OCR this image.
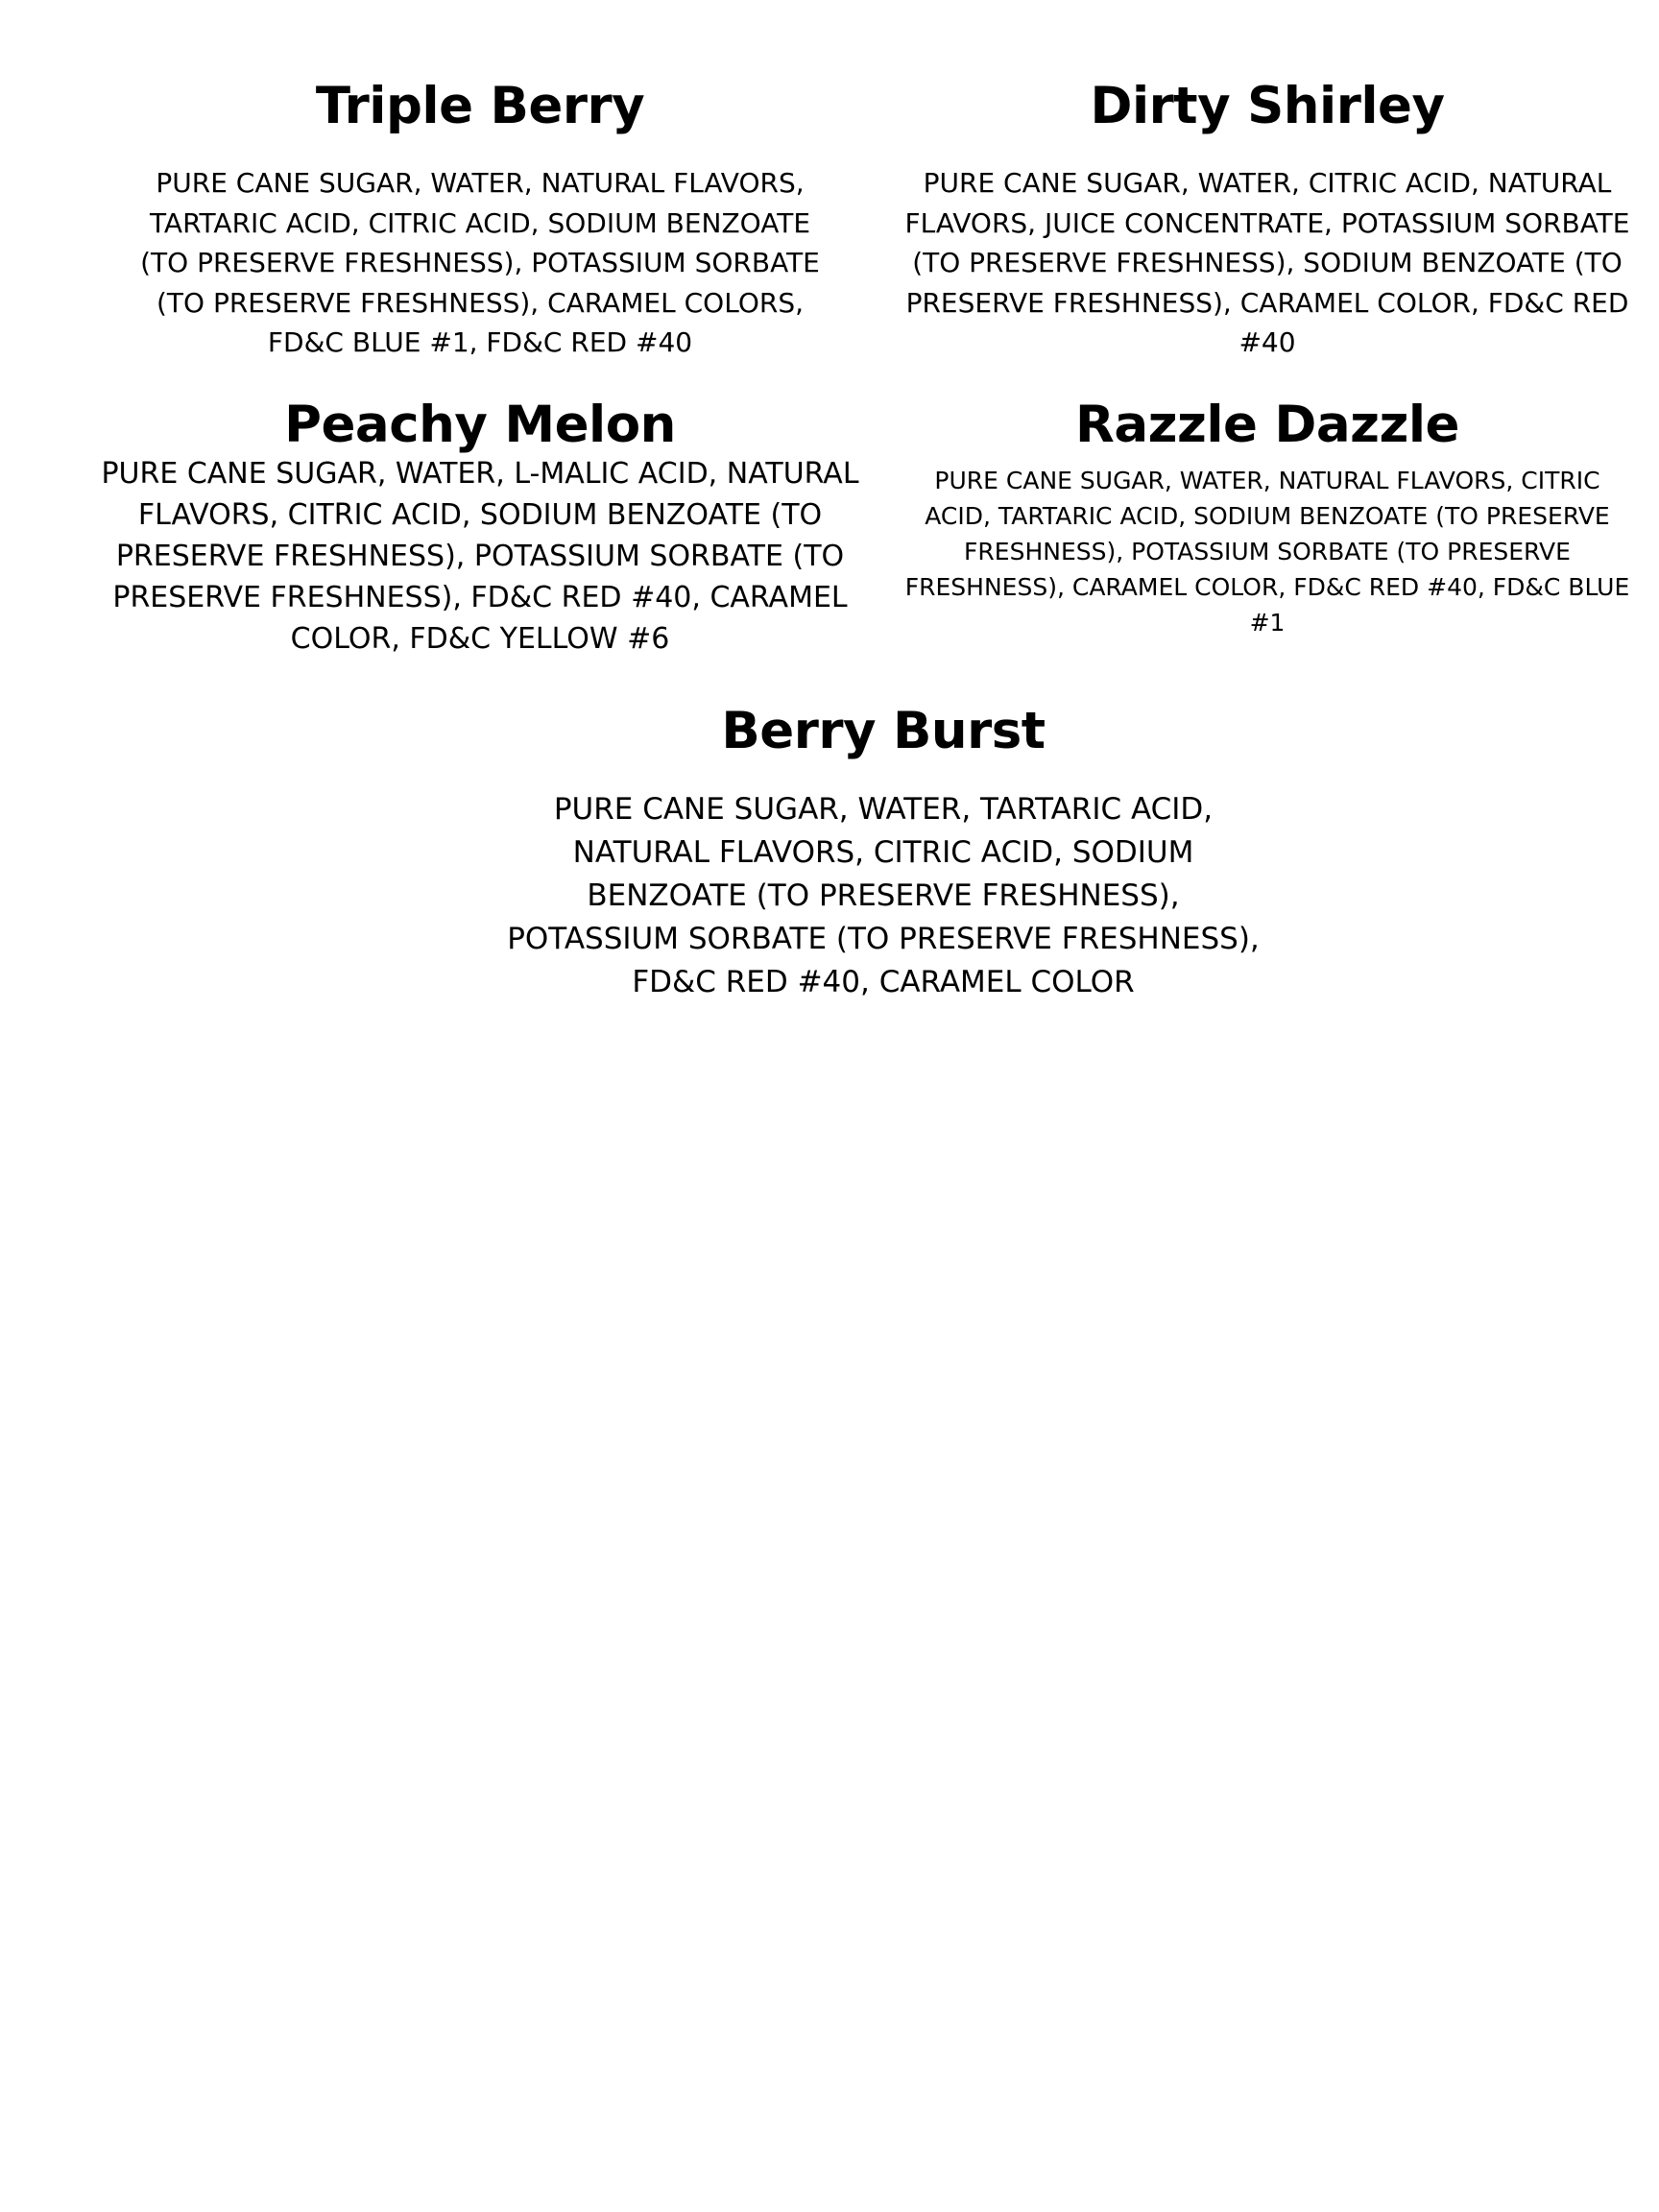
Triple Berry

PURE CANE SUGAR, WATER, NATURAL FLAVORS, TARTARIC ACID, CITRIC ACID, SODIUM BENZOATE (TO PRESERVE FRESHNESS), POTASSIUM SORBATE (TO PRESERVE FRESHNESS), CARAMEL COLORS, FD&C BLUE #1, FD&C RED #40

Dirty Shirley

PURE CANE SUGAR, WATER, CITRIC ACID, NATURAL FLAVORS, JUICE CONCENTRATE, POTASSIUM SORBATE (TO PRESERVE FRESHNESS), SODIUM BENZOATE (TO PRESERVE FRESHNESS), CARAMEL COLOR, FD&C RED #40

Peachy Melon

PURE CANE SUGAR, WATER, L-MALIC ACID, NATURAL FLAVORS, CITRIC ACID, SODIUM BENZOATE (TO PRESERVE FRESHNESS), POTASSIUM SORBATE (TO PRESERVE FRESHNESS), FD&C RED #40, CARAMEL COLOR, FD&C YELLOW #6

Razzle Dazzle

PURE CANE SUGAR, WATER, NATURAL FLAVORS, CITRIC ACID, TARTARIC ACID, SODIUM BENZOATE (TO PRESERVE FRESHNESS), POTASSIUM SORBATE (TO PRESERVE FRESHNESS), CARAMEL COLOR, FD&C RED #40, FD&C BLUE #1

Berry Burst

PURE CANE SUGAR, WATER, TARTARIC ACID, NATURAL FLAVORS, CITRIC ACID, SODIUM BENZOATE (TO PRESERVE FRESHNESS), POTASSIUM SORBATE (TO PRESERVE FRESHNESS), FD&C RED #40, CARAMEL COLOR
